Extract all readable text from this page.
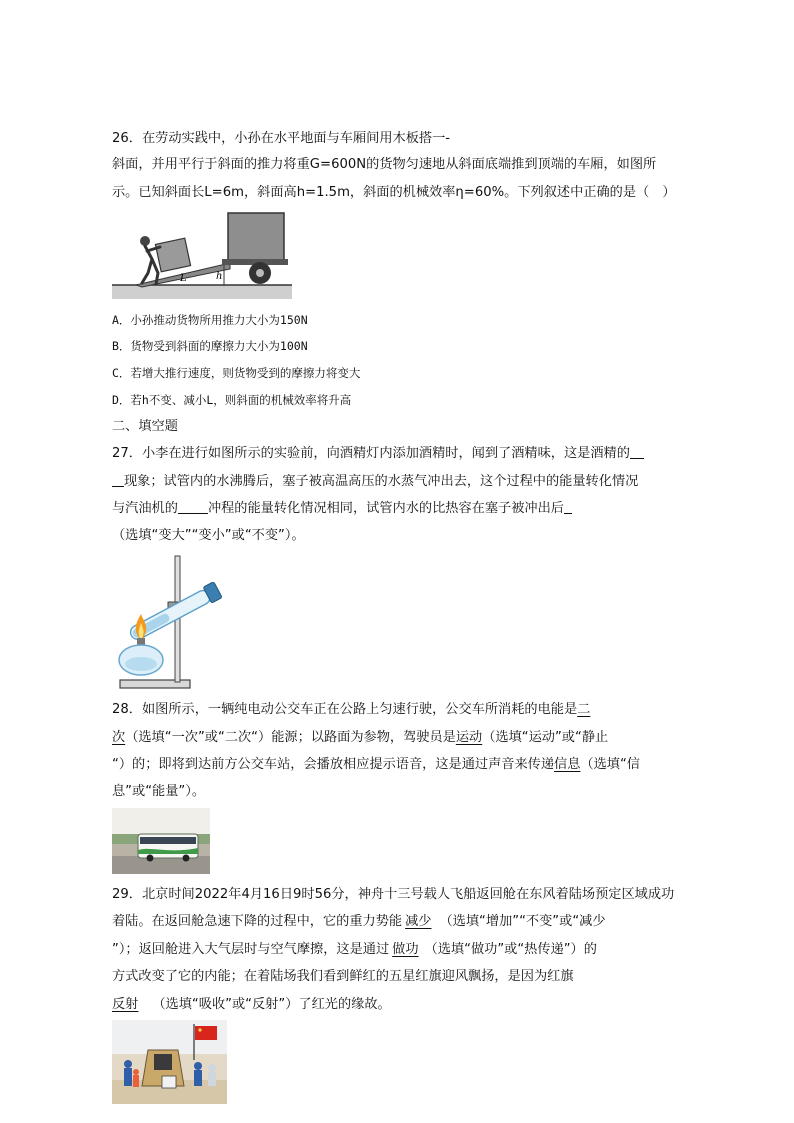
26．在劳动实践中，小孙在水平地面与车厢间用木板搭一-
斜面，并用平行于斜面的推力将重G=600N的货物匀速地从斜面底端推到顶端的车厢，如图所
示。已知斜面长L=6m，斜面高h=1.5m，斜面的机械效率η=60%。下列叙述中正确的是（　）
h
L
A．小孙推动货物所用推力大小为150N
B．货物受到斜面的摩擦力大小为100N
C．若增大推行速度，则货物受到的摩擦力将变大
D．若h不变、减小L，则斜面的机械效率将升高
二、填空题
27．小李在进行如图所示的实验前，向酒精灯内添加酒精时，闻到了酒精味，这是酒精的
现象；试管内的水沸腾后，塞子被高温高压的水蒸气冲出去，这个过程中的能量转化情况
与汽油机的 冲程的能量转化情况相同，试管内水的比热容在塞子被冲出后
（选填“变大”“变小”或“不变”）。
28．如图所示，一辆纯电动公交车正在公路上匀速行驶，公交车所消耗的电能是二
次（选填“一次”或“二次“）能源；以路面为参物，驾驶员是运动（选填“运动”或“静止
“）的；即将到达前方公交车站，会播放相应提示语音，这是通过声音来传递信息（选填“信
息”或“能量”）。
29．北京时间2022年4月16日9时56分，神舟十三号载人飞船返回舱在东风着陆场预定区域成功
着陆。在返回舱急速下降的过程中，它的重力势能 减少 （选填“增加”“不变”或“减少
”）；返回舱进入大气层时与空气摩擦，这是通过 做功 （选填“做功”或“热传递”）的
方式改变了它的内能；在着陆场我们看到鲜红的五星红旗迎风飘扬，是因为红旗
反射 （选填“吸收”或“反射”）了红光的缘故。
